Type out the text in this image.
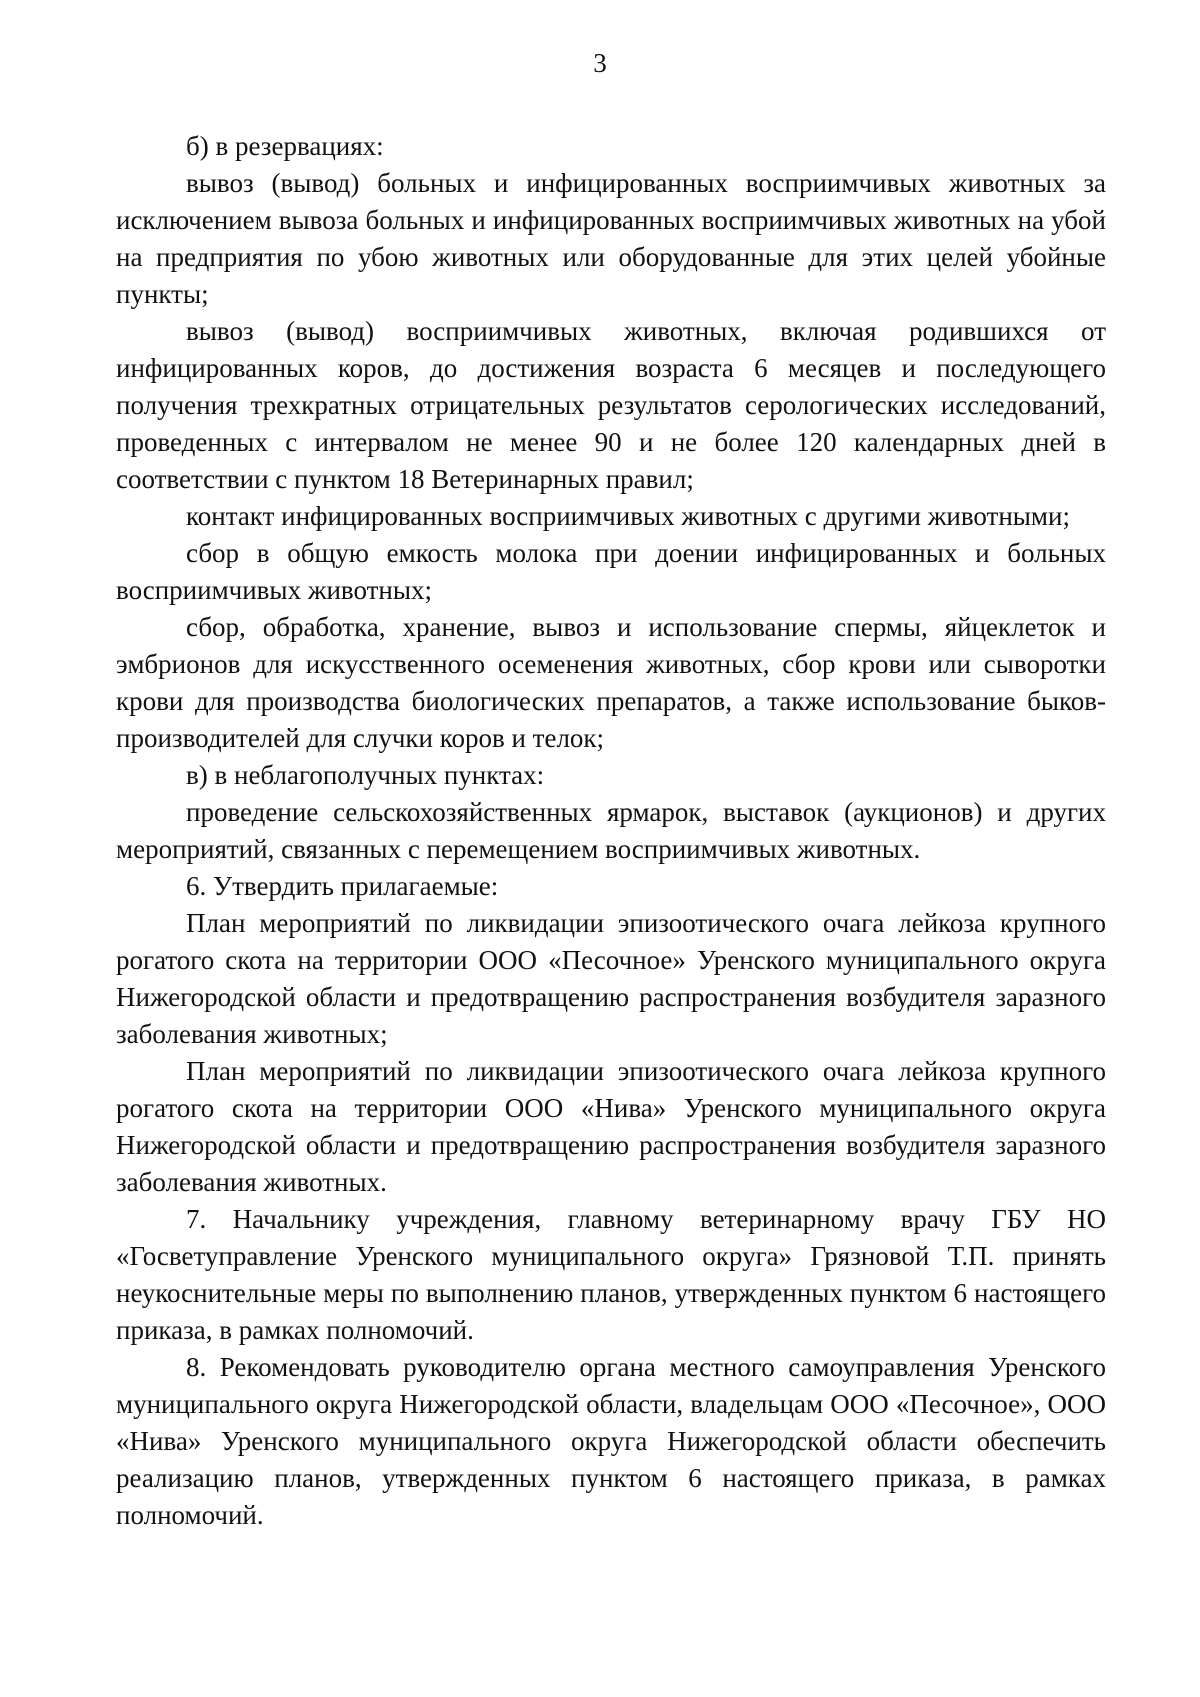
3

б) в резервациях:

вывоз (вывод) больных и инфицированных восприимчивых животных за исключением вывоза больных и инфицированных восприимчивых животных на убой на предприятия по убою животных или оборудованные для этих целей убойные пункты;

вывоз (вывод) восприимчивых животных, включая родившихся от инфицированных коров, до достижения возраста 6 месяцев и последующего получения трехкратных отрицательных результатов серологических исследований, проведенных с интервалом не менее 90 и не более 120 календарных дней в соответствии с пунктом 18 Ветеринарных правил;

контакт инфицированных восприимчивых животных с другими животными;

сбор в общую емкость молока при доении инфицированных и больных восприимчивых животных;

сбор, обработка, хранение, вывоз и использование спермы, яйцеклеток и эмбрионов для искусственного осеменения животных, сбор крови или сыворотки крови для производства биологических препаратов, а также использование быков-производителей для случки коров и телок;

в) в неблагополучных пунктах:

проведение сельскохозяйственных ярмарок, выставок (аукционов) и других мероприятий, связанных с перемещением восприимчивых животных.

6. Утвердить прилагаемые:

План мероприятий по ликвидации эпизоотического очага лейкоза крупного рогатого скота на территории ООО «Песочное» Уренского муниципального округа Нижегородской области и предотвращению распространения возбудителя заразного заболевания животных;

План мероприятий по ликвидации эпизоотического очага лейкоза крупного рогатого скота на территории ООО «Нива» Уренского муниципального округа Нижегородской области и предотвращению распространения возбудителя заразного заболевания животных.

7. Начальнику учреждения, главному ветеринарному врачу ГБУ НО «Госветуправление Уренского муниципального округа» Грязновой Т.П. принять неукоснительные меры по выполнению планов, утвержденных пунктом 6 настоящего приказа, в рамках полномочий.

8. Рекомендовать руководителю органа местного самоуправления Уренского муниципального округа Нижегородской области, владельцам ООО «Песочное», ООО «Нива» Уренского муниципального округа Нижегородской области обеспечить реализацию планов, утвержденных пунктом 6 настоящего приказа, в рамках полномочий.
